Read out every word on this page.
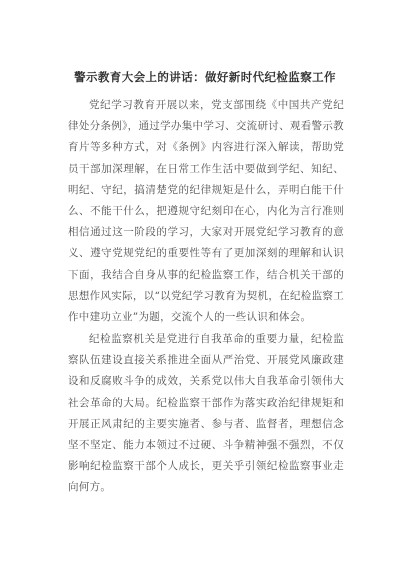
警示教育大会上的讲话：做好新时代纪检监察工作
党纪学习教育开展以来，党支部围绕《中国共产党纪律处分条例》，通过学办集中学习、交流研讨、观看警示教育片等多种方式，对《条例》内容进行深入解读，帮助党员干部加深理解，在日常工作生活中要做到学纪、知纪、明纪、守纪，搞清楚党的纪律规矩是什么，弄明白能干什么、不能干什么，把遵规守纪刻印在心，内化为言行准则相信通过这一阶段的学习，大家对开展党纪学习教育的意义、遵守党规党纪的重要性等有了更加深刻的理解和认识下面，我结合自身从事的纪检监察工作，结合机关干部的思想作风实际，以“以党纪学习教育为契机，在纪检监察工作中建功立业”为题，交流个人的一些认识和体会。
纪检监察机关是党进行自我革命的重要力量，纪检监察队伍建设直接关系推进全面从严治党、开展党风廉政建设和反腐败斗争的成效，关系党以伟大自我革命引领伟大社会革命的大局。纪检监察干部作为落实政治纪律规矩和开展正风肃纪的主要实施者、参与者、监督者，理想信念坚不坚定、能力本领过不过硬、斗争精神强不强烈，不仅影响纪检监察干部个人成长，更关乎引领纪检监察事业走向何方。
